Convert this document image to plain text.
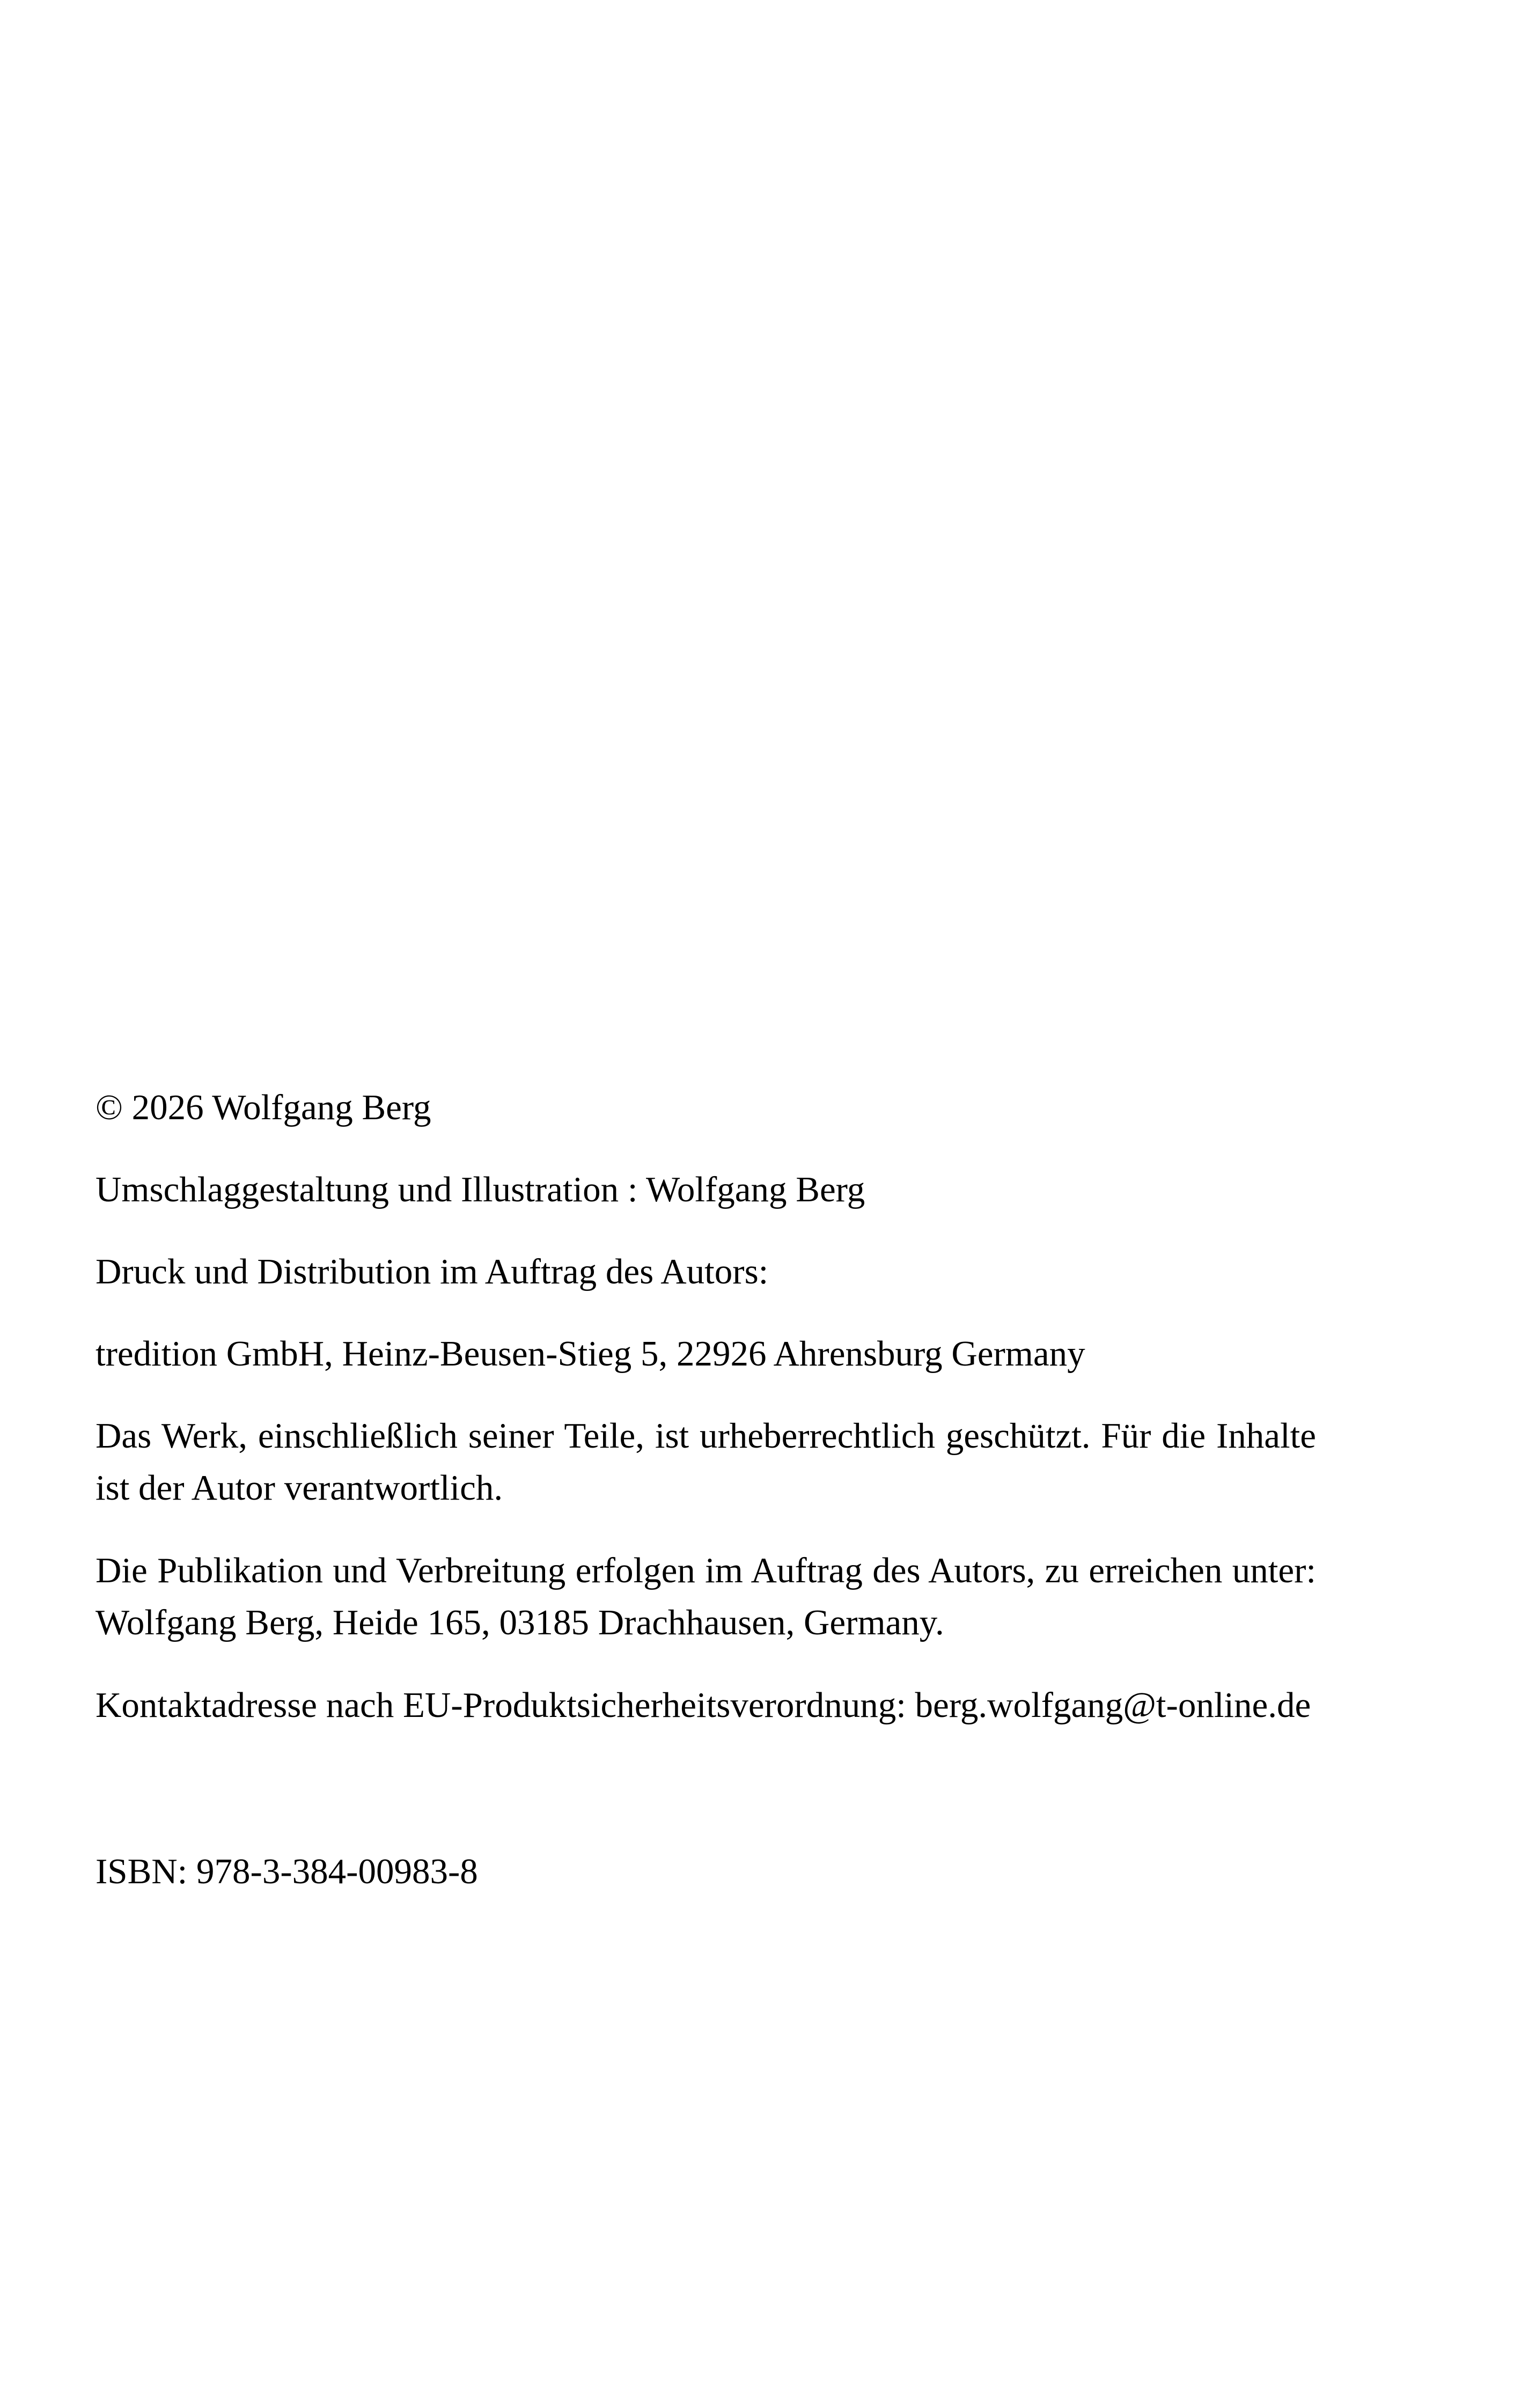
© 2026 Wolfgang Berg

Umschlaggestaltung und Illustration : Wolfgang Berg

Druck und Distribution im Auftrag des Autors:

tredition GmbH, Heinz-Beusen-Stieg 5, 22926 Ahrensburg Germany

Das Werk, einschließlich seiner Teile, ist urheberrechtlich geschützt. Für die Inhalte
ist der Autor verantwortlich.

Die Publikation und Verbreitung erfolgen im Auftrag des Autors, zu erreichen unter:
Wolfgang Berg, Heide 165, 03185 Drachhausen, Germany.

Kontaktadresse nach EU-Produktsicherheitsverordnung: berg.wolfgang@t-online.de

ISBN: 978-3-384-00983-8
